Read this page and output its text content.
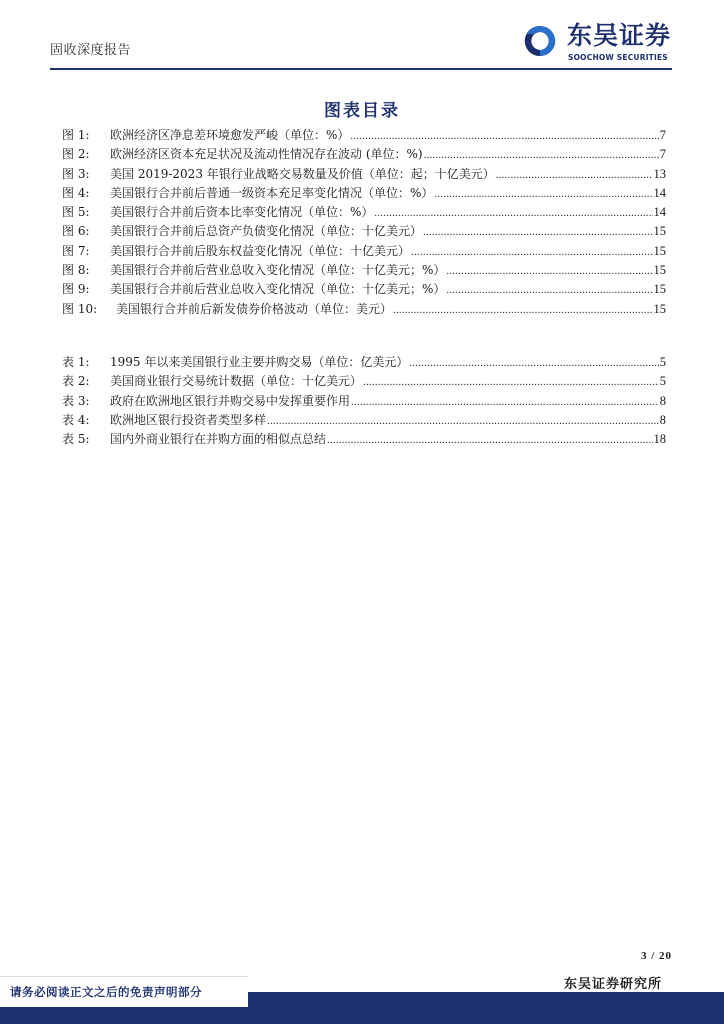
固收深度报告
东吴证券
SOOCHOW SECURITIES
图表目录
图 1:	欧洲经济区净息差环境愈发严峻（单位：%） .....	7
图 2:	欧洲经济区资本充足状况及流动性情况存在波动 (单位：%) .....	7
图 3:	美国 2019-2023 年银行业战略交易数量及价值（单位：起；十亿美元） .....	13
图 4:	美国银行合并前后普通一级资本充足率变化情况（单位：%） .....	14
图 5:	美国银行合并前后资本比率变化情况（单位：%） .....	14
图 6:	美国银行合并前后总资产负债变化情况（单位：十亿美元） .....	15
图 7:	美国银行合并前后股东权益变化情况（单位：十亿美元） .....	15
图 8:	美国银行合并前后营业总收入变化情况（单位：十亿美元；%） .....	15
图 9:	美国银行合并前后营业总收入变化情况（单位：十亿美元；%） .....	15
图 10:	美国银行合并前后新发债券价格波动（单位：美元） .....	15
表 1:	1995 年以来美国银行业主要并购交易（单位：亿美元） .....	5
表 2:	美国商业银行交易统计数据（单位：十亿美元） .....	5
表 3:	政府在欧洲地区银行并购交易中发挥重要作用 .....	8
表 4:	欧洲地区银行投资者类型多样 .....	8
表 5:	国内外商业银行在并购方面的相似点总结 .....	18
3 / 20
东吴证券研究所
请务必阅读正文之后的免责声明部分
